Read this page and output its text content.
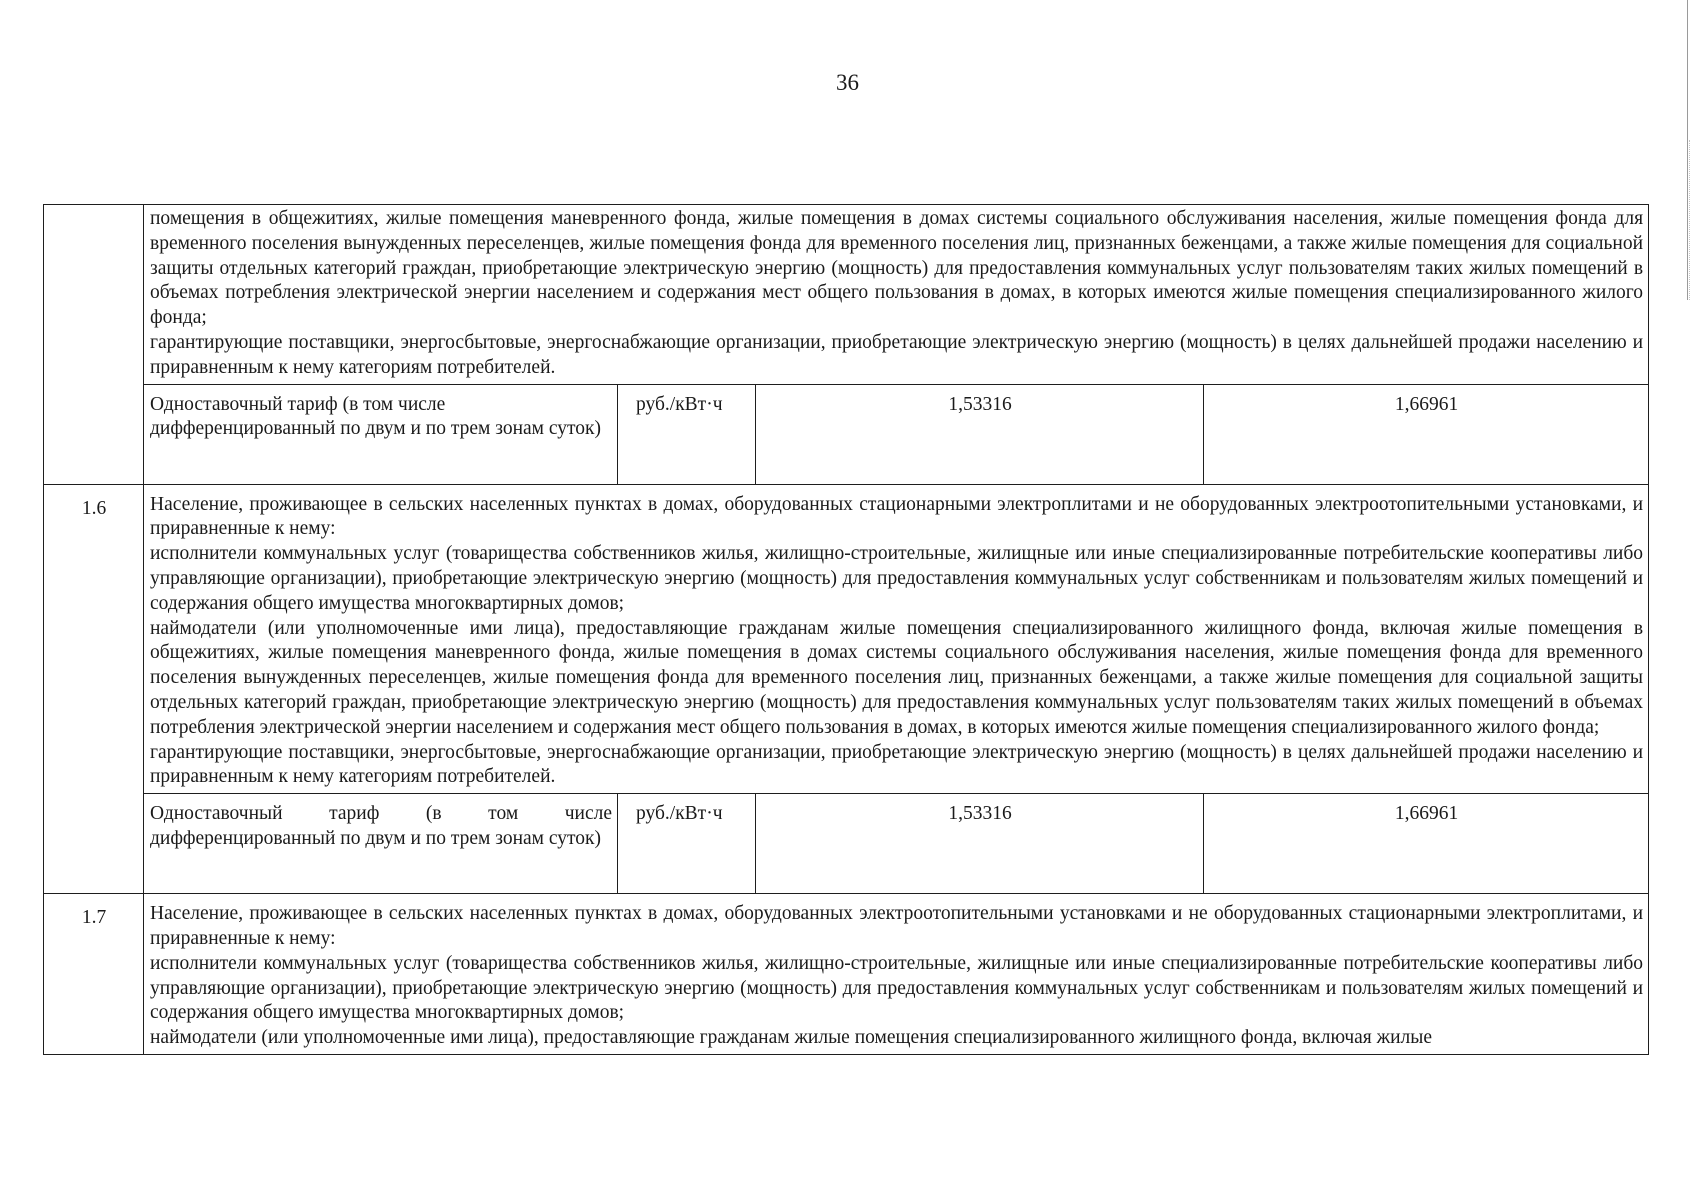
36

	помещения в общежитиях, жилые помещения маневренного фонда, жилые помещения в домах системы социального обслуживания населения, жилые помещения фонда для временного поселения вынужденных переселенцев, жилые помещения фонда для временного поселения лиц, признанных беженцами, а также жилые помещения для социальной защиты отдельных категорий граждан, приобретающие электрическую энергию (мощность) для предоставления коммунальных услуг пользователям таких жилых помещений в объемах потребления электрической энергии населением и содержания мест общего пользования в домах, в которых имеются жилые помещения специализированного жилого фонда;

гарантирующие поставщики, энергосбытовые, энергоснабжающие организации, приобретающие электрическую энергию (мощность) в целях дальнейшей продажи населению и приравненным к нему категориям потребителей.			

	Одноставочный тариф (в том числе дифференцированный по двум и по трем зонам суток)	руб./кВт·ч	1,53316	1,66961
1.6	Население, проживающее в сельских населенных пунктах в домах, оборудованных стационарными электроплитами и не оборудованных электроотопительными установками, и приравненные к нему:

исполнители коммунальных услуг (товарищества собственников жилья, жилищно-строительные, жилищные или иные специализированные потребительские кооперативы либо управляющие организации), приобретающие электрическую энергию (мощность) для предоставления коммунальных услуг собственникам и пользователям жилых помещений и содержания общего имущества многоквартирных домов;

наймодатели (или уполномоченные ими лица), предоставляющие гражданам жилые помещения специализированного жилищного фонда, включая жилые помещения в общежитиях, жилые помещения маневренного фонда, жилые помещения в домах системы социального обслуживания населения, жилые помещения фонда для временного поселения вынужденных переселенцев, жилые помещения фонда для временного поселения лиц, признанных беженцами, а также жилые помещения для социальной защиты отдельных категорий граждан, приобретающие электрическую энергию (мощность) для предоставления коммунальных услуг пользователям таких жилых помещений в объемах потребления электрической энергии населением и содержания мест общего пользования в домах, в которых имеются жилые помещения специализированного жилого фонда;

гарантирующие поставщики, энергосбытовые, энергоснабжающие организации, приобретающие электрическую энергию (мощность) в целях дальнейшей продажи населению и приравненным к нему категориям потребителей.			

	Одноставочный тариф (в том числе дифференцированный по двум и по трем зонам суток)	руб./кВт·ч	1,53316	1,66961
1.7	Население, проживающее в сельских населенных пунктах в домах, оборудованных электроотопительными установками и не оборудованных стационарными электроплитами, и приравненные к нему:

исполнители коммунальных услуг (товарищества собственников жилья, жилищно-строительные, жилищные или иные специализированные потребительские кооперативы либо управляющие организации), приобретающие электрическую энергию (мощность) для предоставления коммунальных услуг собственникам и пользователям жилых помещений и содержания общего имущества многоквартирных домов;

наймодатели (или уполномоченные ими лица), предоставляющие гражданам жилые помещения специализированного жилищного фонда, включая жилые			
